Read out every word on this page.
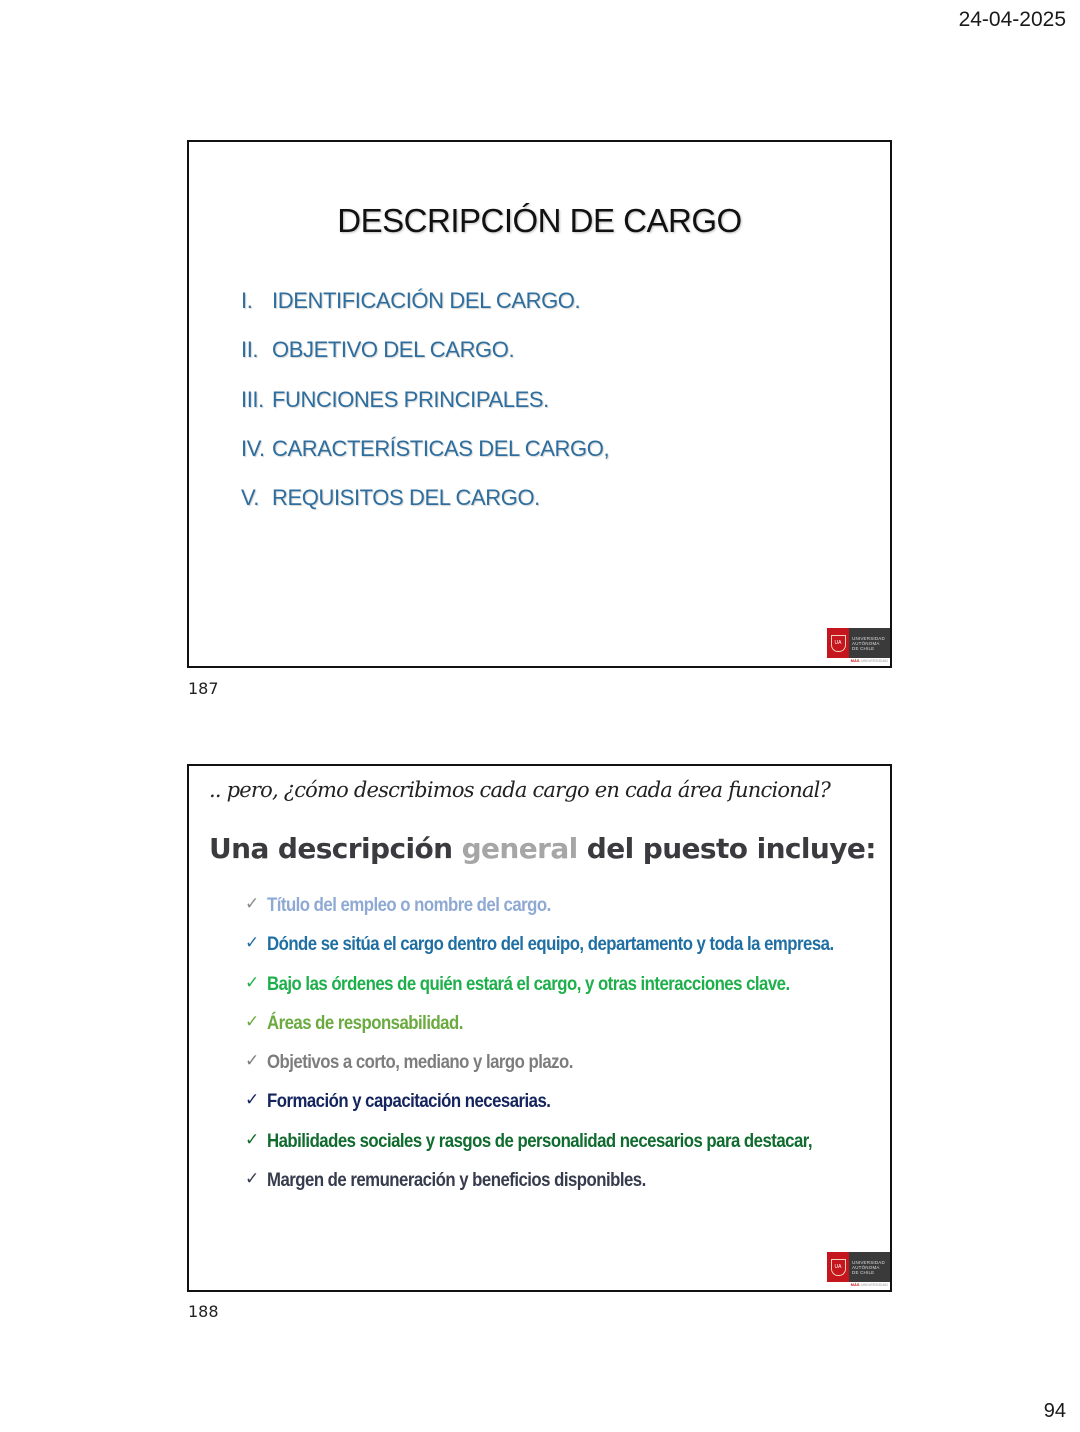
24-04-2025
DESCRIPCIÓN DE CARGO
I. IDENTIFICACIÓN DEL CARGO.
II. OBJETIVO DEL CARGO.
III. FUNCIONES PRINCIPALES.
IV. CARACTERÍSTICAS DEL CARGO,
V. REQUISITOS DEL CARGO.
UA
UNIVERSIDAD
AUTÓNOMA
DE CHILE
MÁS UNIVERSIDAD
187
.. pero, ¿cómo describimos cada cargo en cada área funcional?
Una descripción general del puesto incluye:
✓ Título del empleo o nombre del cargo.
✓ Dónde se sitúa el cargo dentro del equipo, departamento y toda la empresa.
✓ Bajo las órdenes de quién estará el cargo, y otras interacciones clave.
✓ Áreas de responsabilidad.
✓ Objetivos a corto, mediano y largo plazo.
✓ Formación y capacitación necesarias.
✓ Habilidades sociales y rasgos de personalidad necesarios para destacar,
✓ Margen de remuneración y beneficios disponibles.
UA
UNIVERSIDAD
AUTÓNOMA
DE CHILE
MÁS UNIVERSIDAD
188
94
